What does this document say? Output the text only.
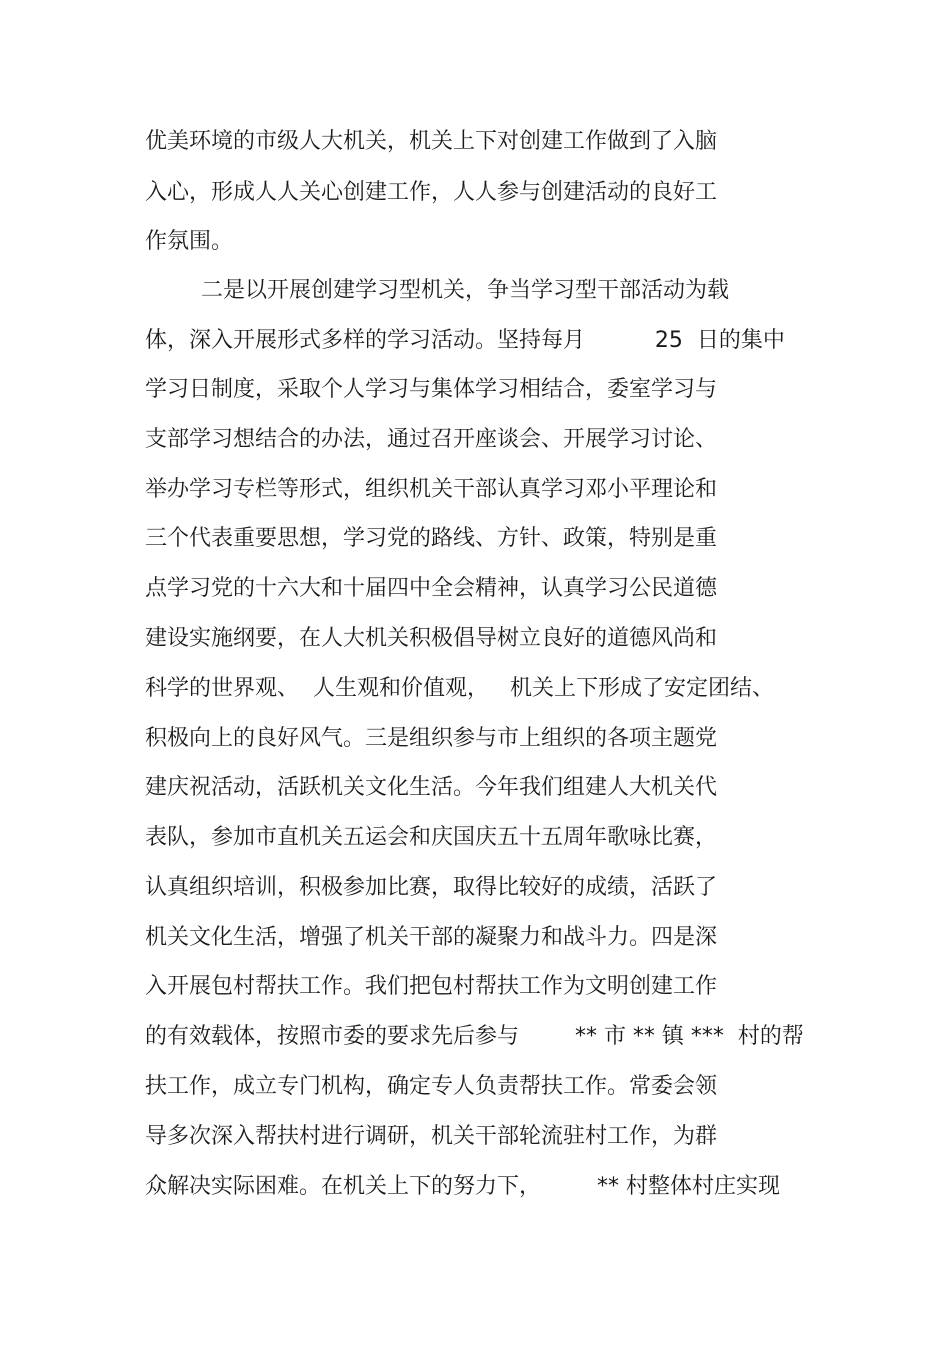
优美环境的市级人大机关，机关上下对创建工作做到了入脑
入心，形成人人关心创建工作，人人参与创建活动的良好工
作氛围。
二是以开展创建学习型机关，争当学习型干部活动为载
体，深入开展形式多样的学习活动。坚持每月          25  日的集中
学习日制度，采取个人学习与集体学习相结合，委室学习与
支部学习想结合的办法，通过召开座谈会、开展学习讨论、
举办学习专栏等形式，组织机关干部认真学习邓小平理论和
三个代表重要思想，学习党的路线、方针、政策，特别是重
点学习党的十六大和十届四中全会精神，认真学习公民道德
建设实施纲要，在人大机关积极倡导树立良好的道德风尚和
科学的世界观、  人生观和价值观，   机关上下形成了安定团结、
积极向上的良好风气。三是组织参与市上组织的各项主题党
建庆祝活动，活跃机关文化生活。今年我们组建人大机关代
表队，参加市直机关五运会和庆国庆五十五周年歌咏比赛，
认真组织培训，积极参加比赛，取得比较好的成绩，活跃了
机关文化生活，增强了机关干部的凝聚力和战斗力。四是深
入开展包村帮扶工作。我们把包村帮扶工作为文明创建工作
的有效载体，按照市委的要求先后参与        ** 市 ** 镇 ***  村的帮
扶工作，成立专门机构，确定专人负责帮扶工作。常委会领
导多次深入帮扶村进行调研，机关干部轮流驻村工作，为群
众解决实际困难。在机关上下的努力下，        ** 村整体村庄实现
